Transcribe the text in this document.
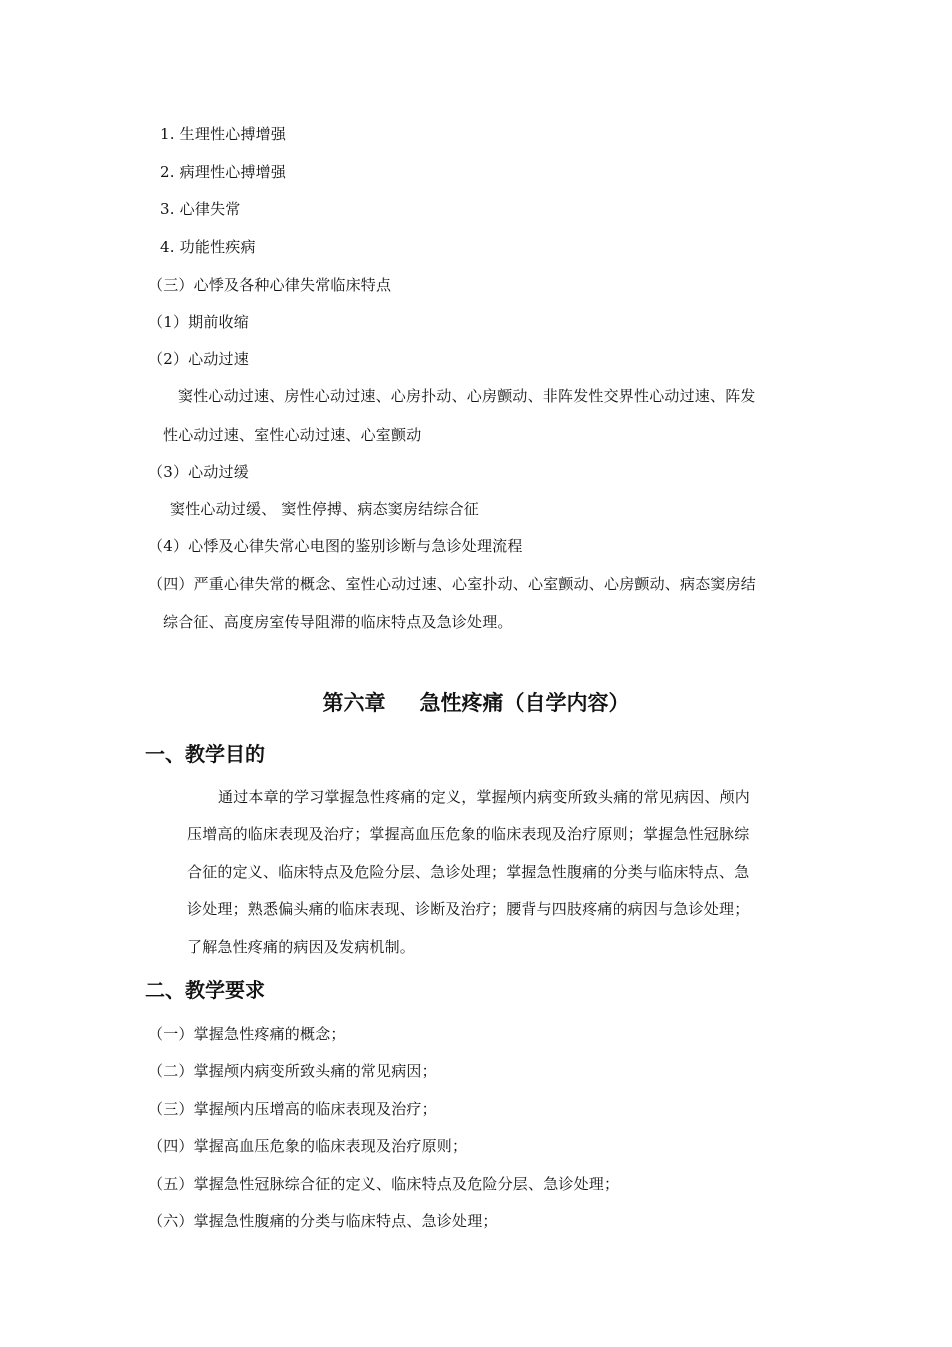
1. 生理性心搏增强
2. 病理性心搏增强
3. 心律失常
4. 功能性疾病
（三）心悸及各种心律失常临床特点
（1）期前收缩
（2）心动过速
窦性心动过速、房性心动过速、心房扑动、心房颤动、非阵发性交界性心动过速、阵发
性心动过速、室性心动过速、心室颤动
（3）心动过缓
窦性心动过缓、 窦性停搏、病态窦房结综合征
（4）心悸及心律失常心电图的鉴别诊断与急诊处理流程
（四）严重心律失常的概念、室性心动过速、心室扑动、心室颤动、心房颤动、病态窦房结
综合征、高度房室传导阻滞的临床特点及急诊处理。
第六章 急性疼痛（自学内容）
一、教学目的
通过本章的学习掌握急性疼痛的定义，掌握颅内病变所致头痛的常见病因、颅内
压增高的临床表现及治疗；掌握高血压危象的临床表现及治疗原则；掌握急性冠脉综
合征的定义、临床特点及危险分层、急诊处理；掌握急性腹痛的分类与临床特点、急
诊处理；熟悉偏头痛的临床表现、诊断及治疗；腰背与四肢疼痛的病因与急诊处理；
了解急性疼痛的病因及发病机制。
二、教学要求
（一）掌握急性疼痛的概念；
（二）掌握颅内病变所致头痛的常见病因；
（三）掌握颅内压增高的临床表现及治疗；
（四）掌握高血压危象的临床表现及治疗原则；
（五）掌握急性冠脉综合征的定义、临床特点及危险分层、急诊处理；
（六）掌握急性腹痛的分类与临床特点、急诊处理；
